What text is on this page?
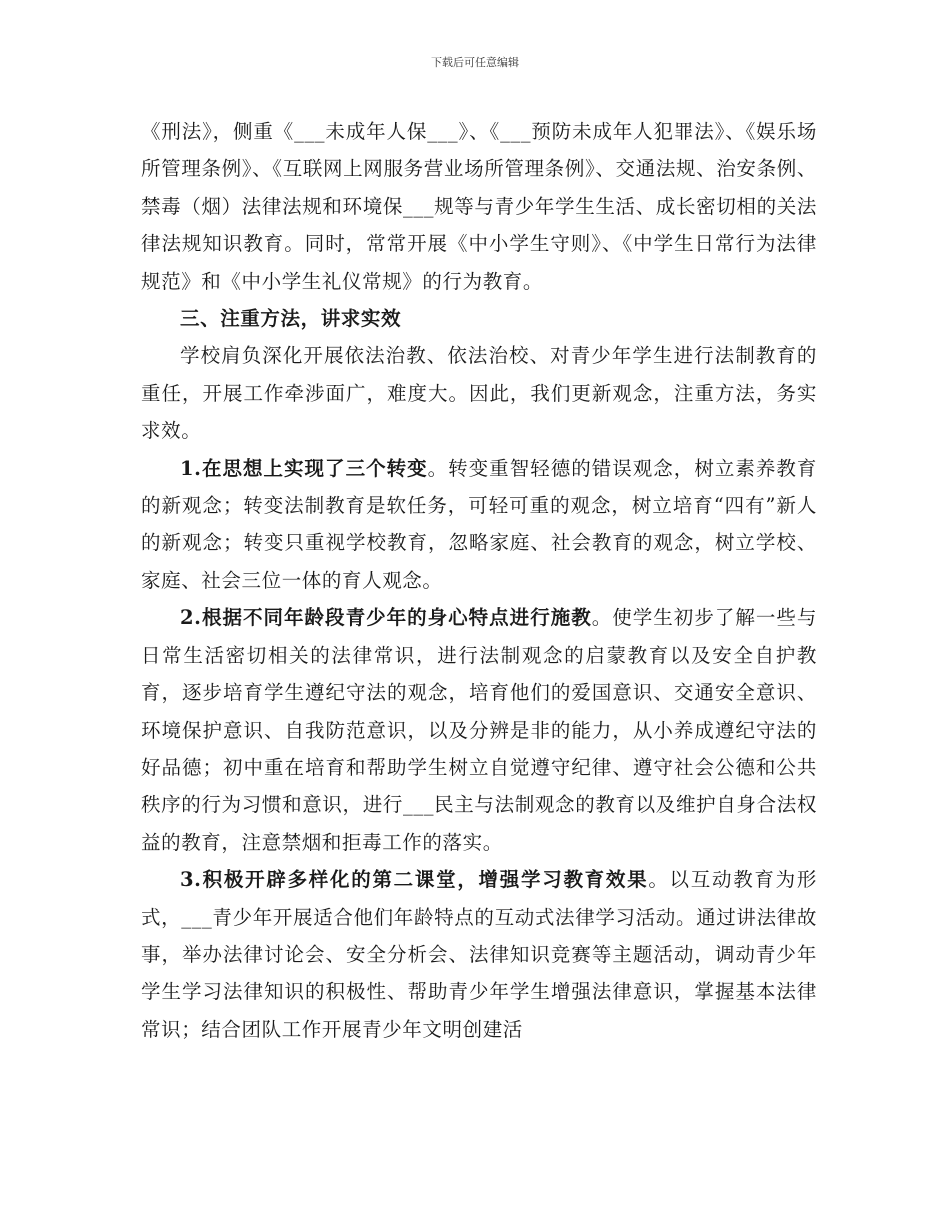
下载后可任意编辑

《刑法》，侧重《___未成年人保___》、《___预防未成年人犯罪法》、《娱乐场所管理条例》、《互联网上网服务营业场所管理条例》、交通法规、治安条例、禁毒（烟）法律法规和环境保___规等与青少年学生生活、成长密切相的关法律法规知识教育。同时，常常开展《中小学生守则》、《中学生日常行为法律规范》和《中小学生礼仪常规》的行为教育。

三、注重方法，讲求实效

学校肩负深化开展依法治教、依法治校、对青少年学生进行法制教育的重任，开展工作牵涉面广，难度大。因此，我们更新观念，注重方法，务实求效。

1.在思想上实现了三个转变。转变重智轻德的错误观念，树立素养教育的新观念；转变法制教育是软任务，可轻可重的观念，树立培育“四有”新人的新观念；转变只重视学校教育，忽略家庭、社会教育的观念，树立学校、家庭、社会三位一体的育人观念。

2.根据不同年龄段青少年的身心特点进行施教。使学生初步了解一些与日常生活密切相关的法律常识，进行法制观念的启蒙教育以及安全自护教育，逐步培育学生遵纪守法的观念，培育他们的爱国意识、交通安全意识、环境保护意识、自我防范意识，以及分辨是非的能力，从小养成遵纪守法的好品德；初中重在培育和帮助学生树立自觉遵守纪律、遵守社会公德和公共秩序的行为习惯和意识，进行___民主与法制观念的教育以及维护自身合法权益的教育，注意禁烟和拒毒工作的落实。

3.积极开辟多样化的第二课堂，增强学习教育效果。以互动教育为形式，___青少年开展适合他们年龄特点的互动式法律学习活动。通过讲法律故事，举办法律讨论会、安全分析会、法律知识竞赛等主题活动，调动青少年学生学习法律知识的积极性、帮助青少年学生增强法律意识，掌握基本法律常识；结合团队工作开展青少年文明创建活
